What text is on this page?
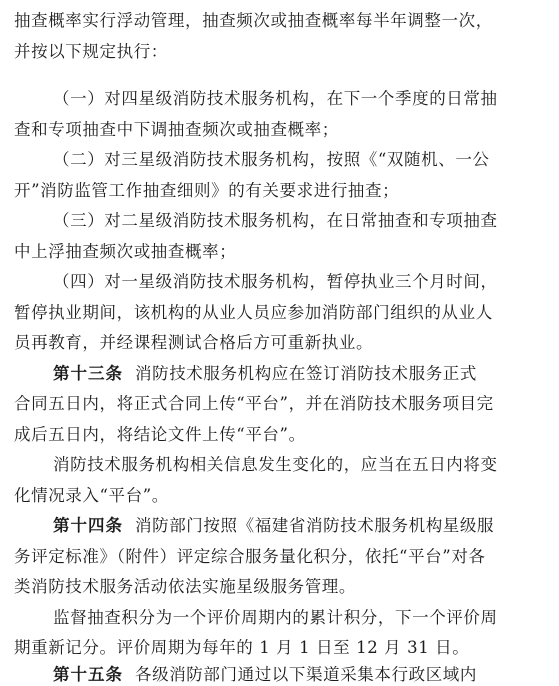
抽查概率实行浮动管理，抽查频次或抽查概率每半年调整一次，
并按以下规定执行：
（一）对四星级消防技术服务机构，在下一个季度的日常抽
查和专项抽查中下调抽查频次或抽查概率；
（二）对三星级消防技术服务机构，按照《“双随机、一公
开”消防监管工作抽查细则》的有关要求进行抽查；
（三）对二星级消防技术服务机构，在日常抽查和专项抽查
中上浮抽查频次或抽查概率；
（四）对一星级消防技术服务机构，暂停执业三个月时间，
暂停执业期间，该机构的从业人员应参加消防部门组织的从业人
员再教育，并经课程测试合格后方可重新执业。
第十三条 消防技术服务机构应在签订消防技术服务正式
合同五日内，将正式合同上传“平台”，并在消防技术服务项目完
成后五日内，将结论文件上传“平台”。
消防技术服务机构相关信息发生变化的，应当在五日内将变
化情况录入“平台”。
第十四条 消防部门按照《福建省消防技术服务机构星级服
务评定标准》（附件）评定综合服务量化积分，依托“平台”对各
类消防技术服务活动依法实施星级服务管理。
监督抽查积分为一个评价周期内的累计积分，下一个评价周
期重新记分。评价周期为每年的 1 月 1 日至 12 月 31 日。
第十五条 各级消防部门通过以下渠道采集本行政区域内
